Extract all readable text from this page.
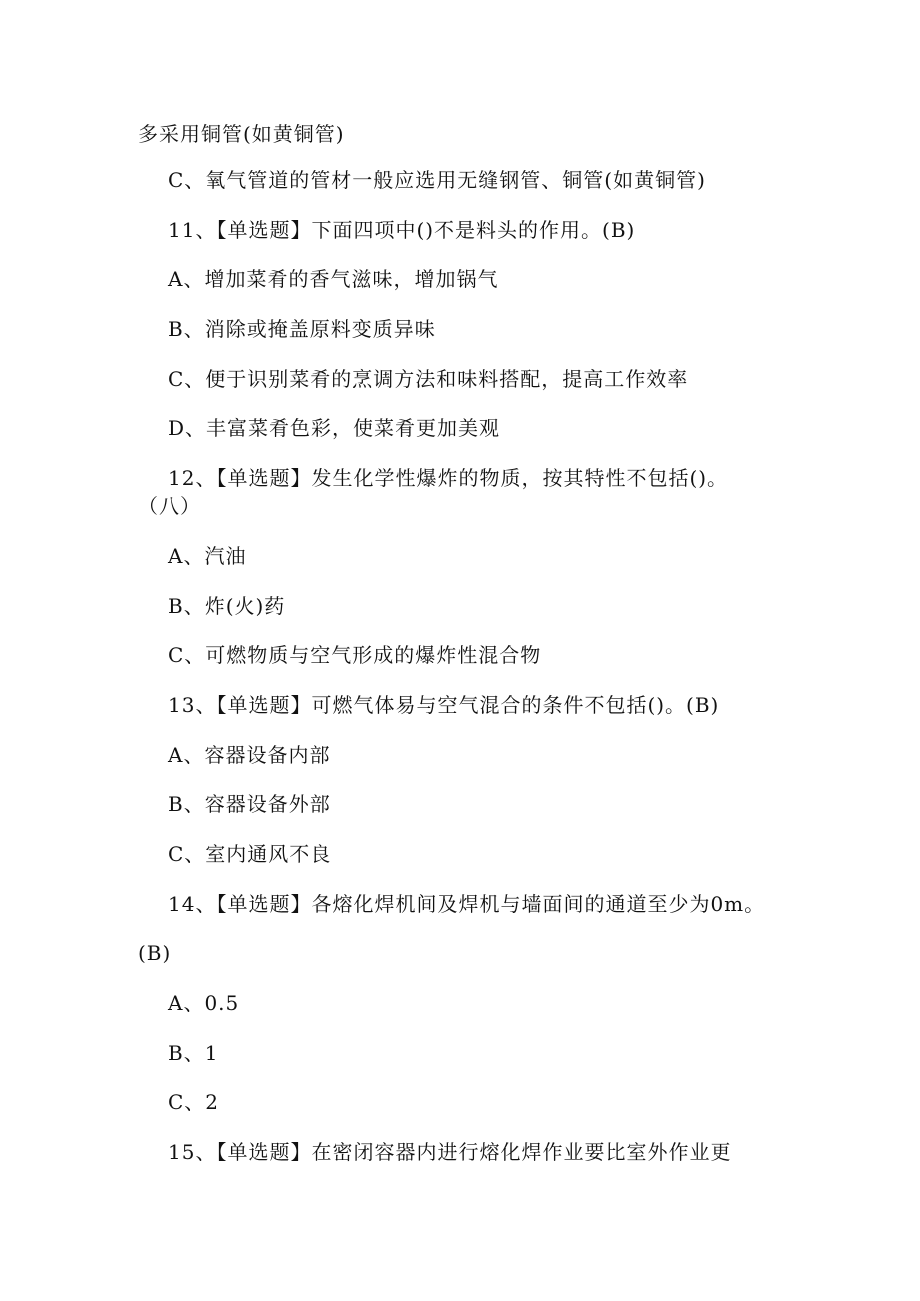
多采用铜管(如黄铜管)
C、氧气管道的管材一般应选用无缝钢管、铜管(如黄铜管)
11、【单选题】下面四项中()不是料头的作用。(B)
A、增加菜肴的香气滋味，增加锅气
B、消除或掩盖原料变质异味
C、便于识别菜肴的烹调方法和味料搭配，提高工作效率
D、丰富菜肴色彩，使菜肴更加美观
12、【单选题】发生化学性爆炸的物质，按其特性不包括()。
（八）
A、汽油
B、炸(火)药
C、可燃物质与空气形成的爆炸性混合物
13、【单选题】可燃气体易与空气混合的条件不包括()。(B)
A、容器设备内部
B、容器设备外部
C、室内通风不良
14、【单选题】各熔化焊机间及焊机与墙面间的通道至少为0m。
(B)
A、0.5
B、1
C、2
15、【单选题】在密闭容器内进行熔化焊作业要比室外作业更
